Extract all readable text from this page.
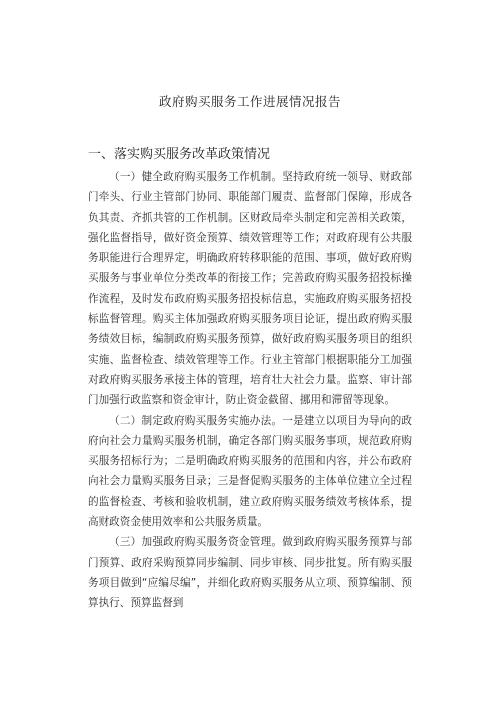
政府购买服务工作进展情况报告
一、落实购买服务改革政策情况

（一）健全政府购买服务工作机制。坚持政府统一领导、财政部门牵头、行业主管部门协同、职能部门履责、监督部门保障，形成各负其责、齐抓共管的工作机制。区财政局牵头制定和完善相关政策，强化监督指导，做好资金预算、绩效管理等工作；对政府现有公共服务职能进行合理界定，明确政府转移职能的范围、事项，做好政府购买服务与事业单位分类改革的衔接工作；完善政府购买服务招投标操作流程，及时发布政府购买服务招投标信息，实施政府购买服务招投标监督管理。购买主体加强政府购买服务项目论证，提出政府购买服务绩效目标，编制政府购买服务预算，做好政府购买服务项目的组织实施、监督检查、绩效管理等工作。行业主管部门根据职能分工加强对政府购买服务承接主体的管理，培育壮大社会力量。监察、审计部门加强行政监察和资金审计，防止资金截留、挪用和滞留等现象。

（二）制定政府购买服务实施办法。一是建立以项目为导向的政府向社会力量购买服务机制，确定各部门购买服务事项，规范政府购买服务招标行为；二是明确政府购买服务的范围和内容，并公布政府向社会力量购买服务目录；三是督促购买服务的主体单位建立全过程的监督检查、考核和验收机制，建立政府购买服务绩效考核体系，提高财政资金使用效率和公共服务质量。

（三）加强政府购买服务资金管理。做到政府购买服务预算与部门预算、政府采购预算同步编制、同步审核、同步批复。所有购买服务项目做到“应编尽编”，并细化政府购买服务从立项、预算编制、预算执行、预算监督到
